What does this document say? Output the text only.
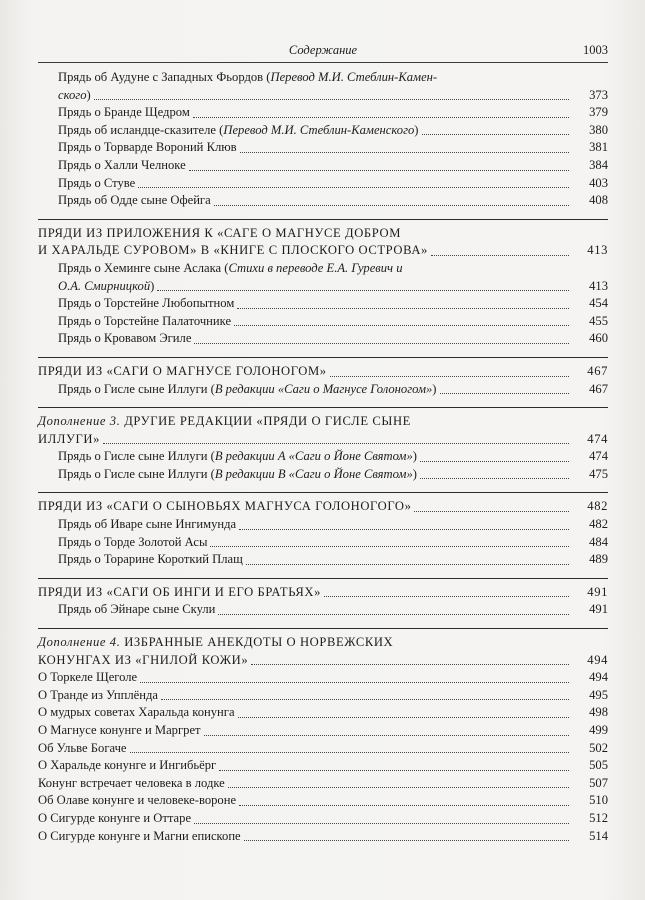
Содержание	1003
Прядь об Аудуне с Западных Фьордов (Перевод М.И. Стеблин-Камен-
ского)	373
Прядь о Бранде Щедром	379
Прядь об исландце-сказителе (Перевод М.И. Стеблин-Каменского)	380
Прядь о Торварде Вороний Клюв	381
Прядь о Халли Челноке	384
Прядь о Стуве	403
Прядь об Одде сыне Офейга	408
ПРЯДИ ИЗ ПРИЛОЖЕНИЯ К «САГЕ О МАГНУСЕ ДОБРОМ
И ХАРАЛЬДЕ СУРОВОМ» В «КНИГЕ С ПЛОСКОГО ОСТРОВА»	413
Прядь о Хеминге сыне Аслака (Стихи в переводе Е.А. Гуревич и
О.А. Смирницкой)	413
Прядь о Торстейне Любопытном	454
Прядь о Торстейне Палаточнике	455
Прядь о Кровавом Эгиле	460
ПРЯДИ ИЗ «САГИ О МАГНУСЕ ГОЛОНОГОМ»	467
Прядь о Гисле сыне Иллуги (В редакции «Саги о Магнусе Голоногом»)	467
Дополнение 3. ДРУГИЕ РЕДАКЦИИ «ПРЯДИ О ГИСЛЕ СЫНЕ
ИЛЛУГИ»	474
Прядь о Гисле сыне Иллуги (В редакции А «Саги о Йоне Святом»)	474
Прядь о Гисле сыне Иллуги (В редакции В «Саги о Йоне Святом»)	475
ПРЯДИ ИЗ «САГИ О СЫНОВЬЯХ МАГНУСА ГОЛОНОГОГО»	482
Прядь об Иваре сыне Ингимунда	482
Прядь о Торде Золотой Асы	484
Прядь о Торарине Короткий Плащ	489
ПРЯДИ ИЗ «САГИ ОБ ИНГИ И ЕГО БРАТЬЯХ»	491
Прядь об Эйнаре сыне Скули	491
Дополнение 4. ИЗБРАННЫЕ АНЕКДОТЫ О НОРВЕЖСКИХ
КОНУНГАХ ИЗ «ГНИЛОЙ КОЖИ»	494
О Торкеле Щеголе	494
О Транде из Упплёнда	495
О мудрых советах Харальда конунга	498
О Магнусе конунге и Маргрет	499
Об Ульве Богаче	502
О Харальде конунге и Ингибьёрг	505
Конунг встречает человека в лодке	507
Об Олаве конунге и человеке-вороне	510
О Сигурде конунге и Оттаре	512
О Сигурде конунге и Магни епископе	514
